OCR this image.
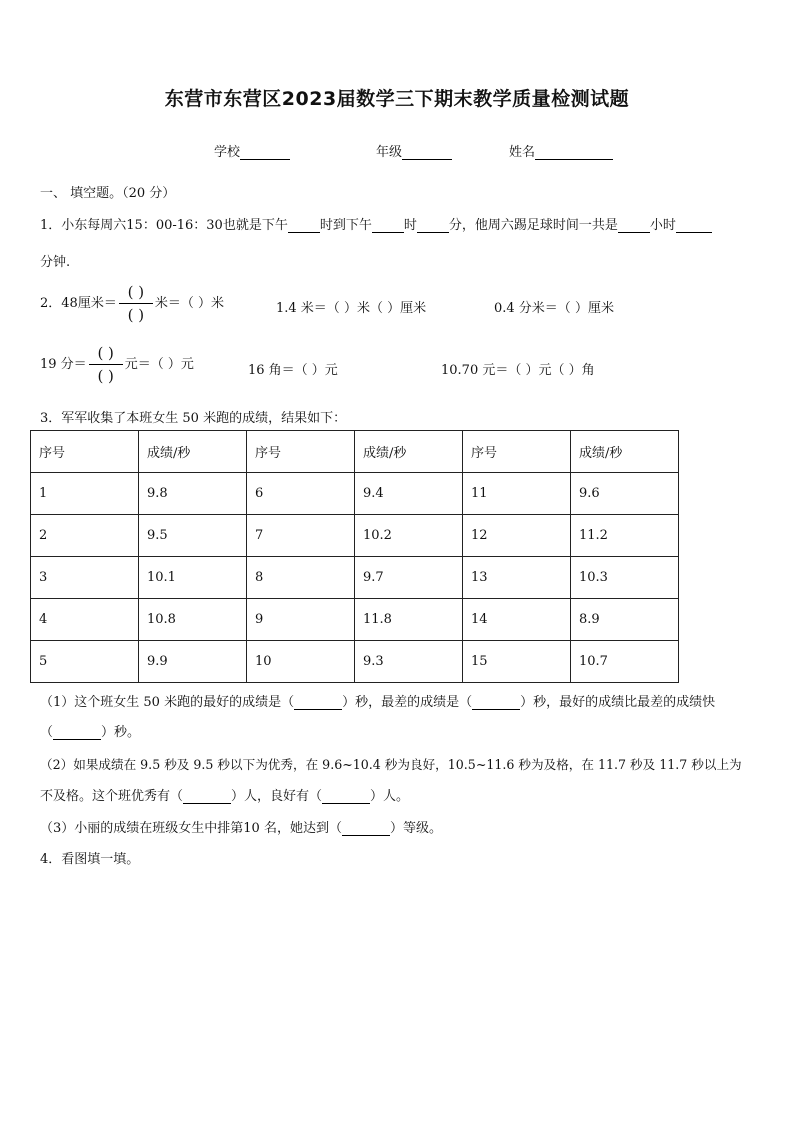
东营市东营区2023届数学三下期末教学质量检测试题
学校	年级	姓名
一、 填空题。（20 分）
1．小东每周六15：00-16：30也就是下午 时到下午 时 分，他周六踢足球时间一共是 小时
分钟.
2．48厘米＝ $\frac{( )}{( )}$ 米＝（ ）米	1.4 米＝（ ）米（ ）厘米	0.4 分米＝（ ）厘米
19 分＝ $\frac{( )}{( )}$ 元＝（ ）元	16 角＝（ ）元	10.70 元＝（ ）元（ ）角
3．军军收集了本班女生 50 米跑的成绩，结果如下：
序号	成绩/秒	序号	成绩/秒	序号	成绩/秒
1	9.8	6	9.4	11	9.6
2	9.5	7	10.2	12	11.2
3	10.1	8	9.7	13	10.3
4	10.8	9	11.8	14	8.9
5	9.9	10	9.3	15	10.7
（1）这个班女生 50 米跑的最好的成绩是（	）秒，最差的成绩是（	）秒，最好的成绩比最差的成绩快
（	）秒。
（2）如果成绩在 9.5 秒及 9.5 秒以下为优秀，在 9.6~10.4 秒为良好，10.5~11.6 秒为及格，在 11.7 秒及 11.7 秒以上为
不及格。这个班优秀有（	）人，良好有（	）人。
（3）小丽的成绩在班级女生中排第10 名，她达到（	）等级。
4．看图填一填。
